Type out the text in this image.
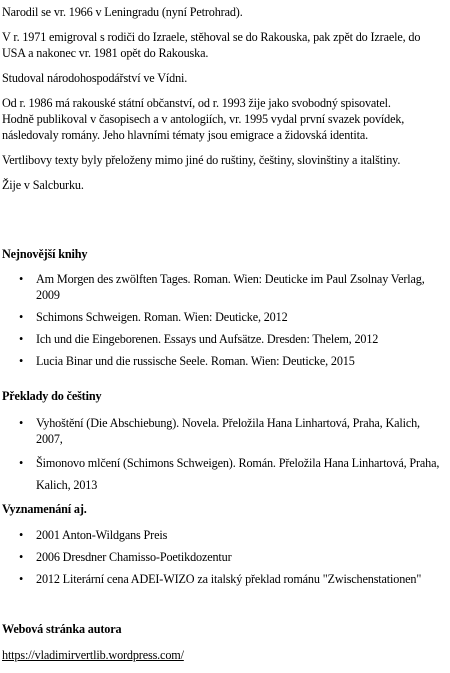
Narodil se vr. 1966 v Leningradu (nyní Petrohrad).

V r. 1971 emigroval s rodiči do Izraele, stěhoval se do Rakouska, pak zpět do Izraele, do USA a nakonec vr. 1981 opět do Rakouska.

Studoval národohospodářství ve Vídni.

Od r. 1986 má rakouské státní občanství, od r. 1993 žije jako svobodný spisovatel.

Hodně publikoval v časopisech a v antologiích, vr. 1995 vydal první svazek povídek, následovaly romány. Jeho hlavními tématy jsou emigrace a židovská identita.

Vertlibovy texty byly přeloženy mimo jiné do ruštiny, češtiny, slovinštiny a italštiny.

Žije v Salcburku.

Nejnovější knihy
• Am Morgen des zwölften Tages. Roman. Wien: Deuticke im Paul Zsolnay Verlag, 2009
• Schimons Schweigen. Roman. Wien: Deuticke, 2012
• Ich und die Eingeborenen. Essays und Aufsätze. Dresden: Thelem, 2012
• Lucia Binar und die russische Seele. Roman. Wien: Deuticke, 2015
Překlady do češtiny
• Vyhoštění (Die Abschiebung). Novela. Přeložila Hana Linhartová, Praha, Kalich, 2007,
• Šimonovo mlčení (Schimons Schweigen). Román. Přeložila Hana Linhartová, Praha, Kalich, 2013
Vyznamenání aj.
• 2001 Anton-Wildgans Preis
• 2006 Dresdner Chamisso-Poetikdozentur
• 2012 Literární cena ADEI-WIZO za italský překlad románu "Zwischenstationen"
Webová stránka autora
https://vladimirvertlib.wordpress.com/
